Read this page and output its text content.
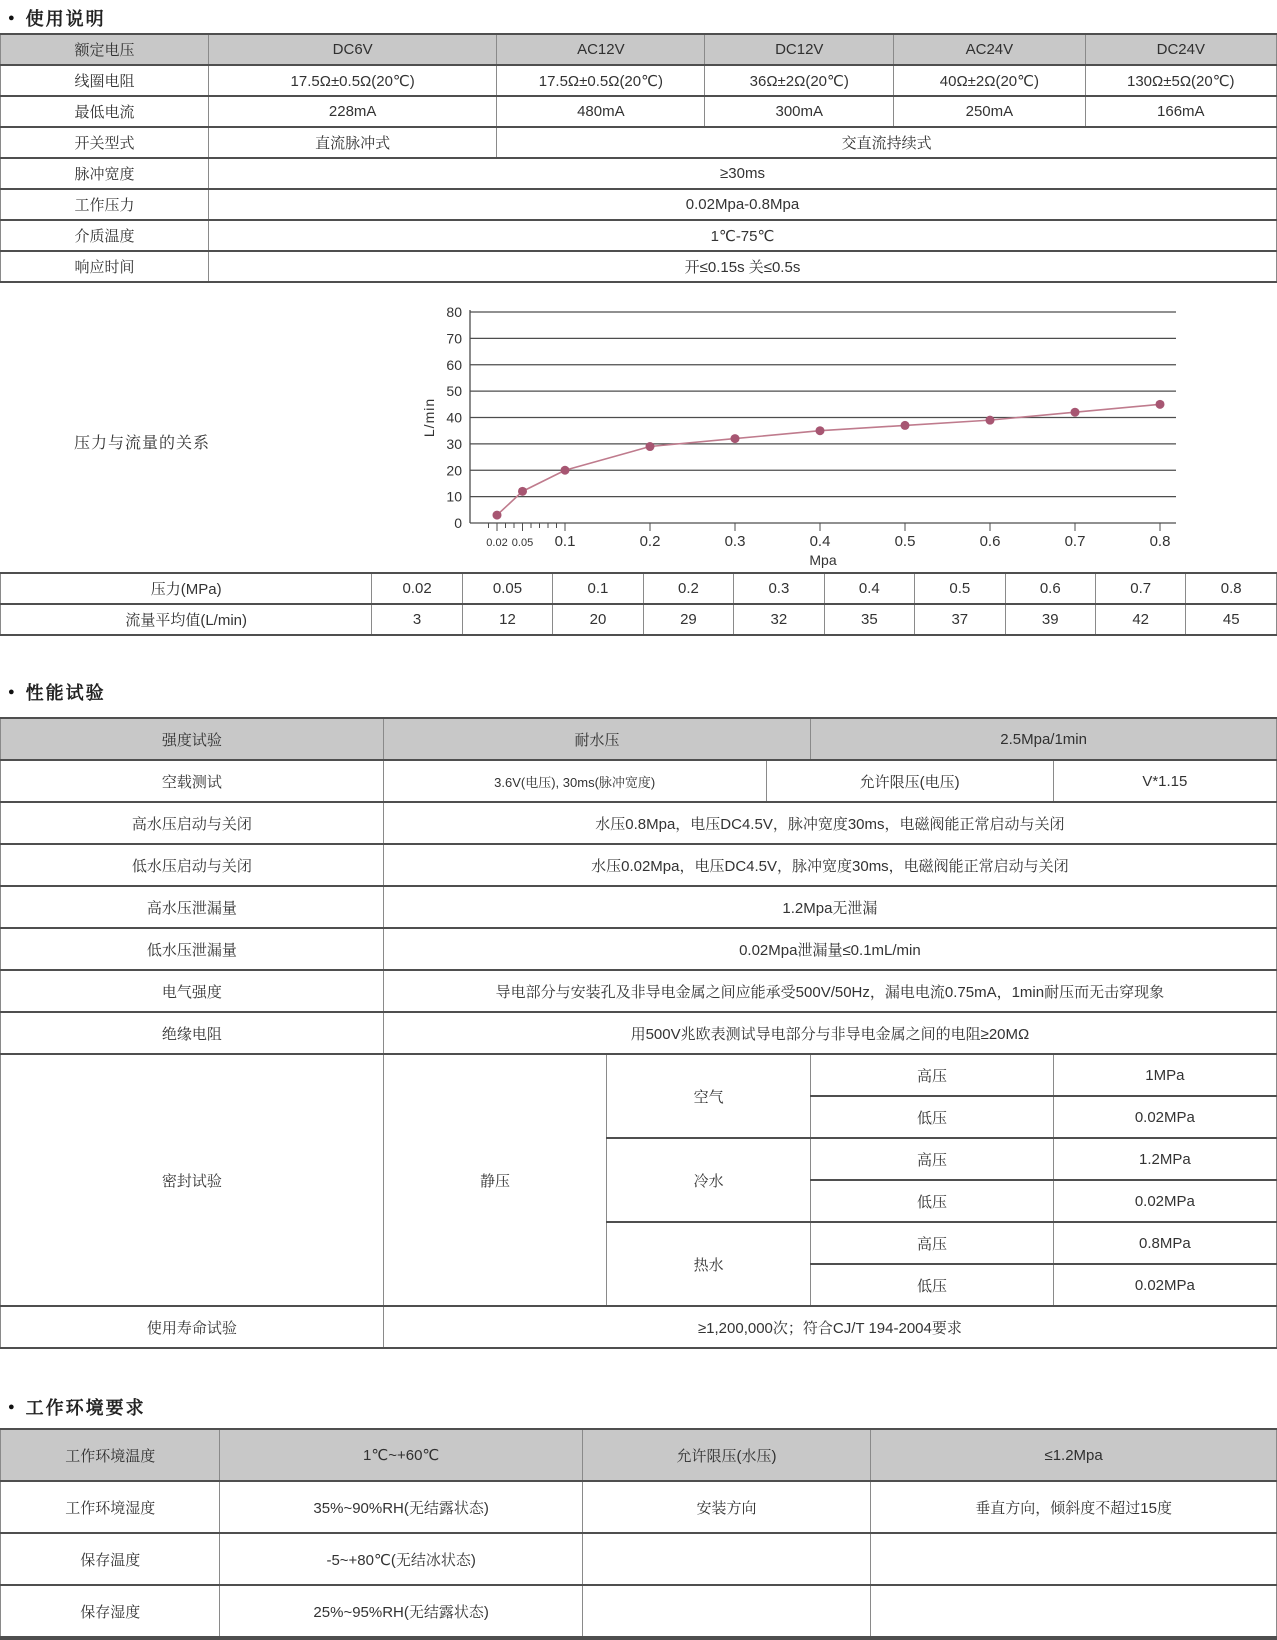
● 使用说明
额定电压	DC6V	AC12V	DC12V	AC24V	DC24V
线圈电阻	17.5Ω±0.5Ω(20℃)	17.5Ω±0.5Ω(20℃)	36Ω±2Ω(20℃)	40Ω±2Ω(20℃)	130Ω±5Ω(20℃)
最低电流	228mA	480mA	300mA	250mA	166mA
开关型式	直流脉冲式	交直流持续式			
脉冲宽度	≥30ms				
工作压力	0.02Mpa-0.8Mpa				
介质温度	1℃-75℃				
响应时间	开≤0.15s 关≤0.5s				
压力与流量的关系
0
10
20
30
40
50
60
70
80
L/min
0.02 0.05 0.1	0.2	0.3	0.4	0.5	0.6	0.7	0.8
Mpa
压力(MPa)	0.02	0.05	0.1	0.2	0.3	0.4	0.5	0.6	0.7	0.8
流量平均值(L/min)	3	12	20	29	32	35	37	39	42	45
● 性能试验
强度试验	耐水压			2.5Mpa/1min	
空载测试	3.6V(电压), 30ms(脉冲宽度)		允许限压(电压)		V*1.15
高水压启动与关闭	水压0.8Mpa，电压DC4.5V，脉冲宽度30ms，电磁阀能正常启动与关闭				
低水压启动与关闭	水压0.02Mpa，电压DC4.5V，脉冲宽度30ms，电磁阀能正常启动与关闭				
高水压泄漏量	1.2Mpa无泄漏				
低水压泄漏量	0.02Mpa泄漏量≤0.1mL/min				
电气强度	导电部分与安装孔及非导电金属之间应能承受500V/50Hz，漏电电流0.75mA，1min耐压而无击穿现象				
绝缘电阻	用500V兆欧表测试导电部分与非导电金属之间的电阻≥20MΩ				
密封试验	静压	空气		高压	1MPa
				低压	0.02MPa
		冷水		高压	1.2MPa
				低压	0.02MPa
		热水		高压	0.8MPa
				低压	0.02MPa
使用寿命试验	≥1,200,000次；符合CJ/T 194-2004要求				
● 工作环境要求
工作环境温度	1℃~+60℃	允许限压(水压)	≤1.2Mpa
工作环境湿度	35%~90%RH(无结露状态)	安装方向	垂直方向，倾斜度不超过15度
保存温度	-5~+80℃(无结冰状态)		
保存湿度	25%~95%RH(无结露状态)		
